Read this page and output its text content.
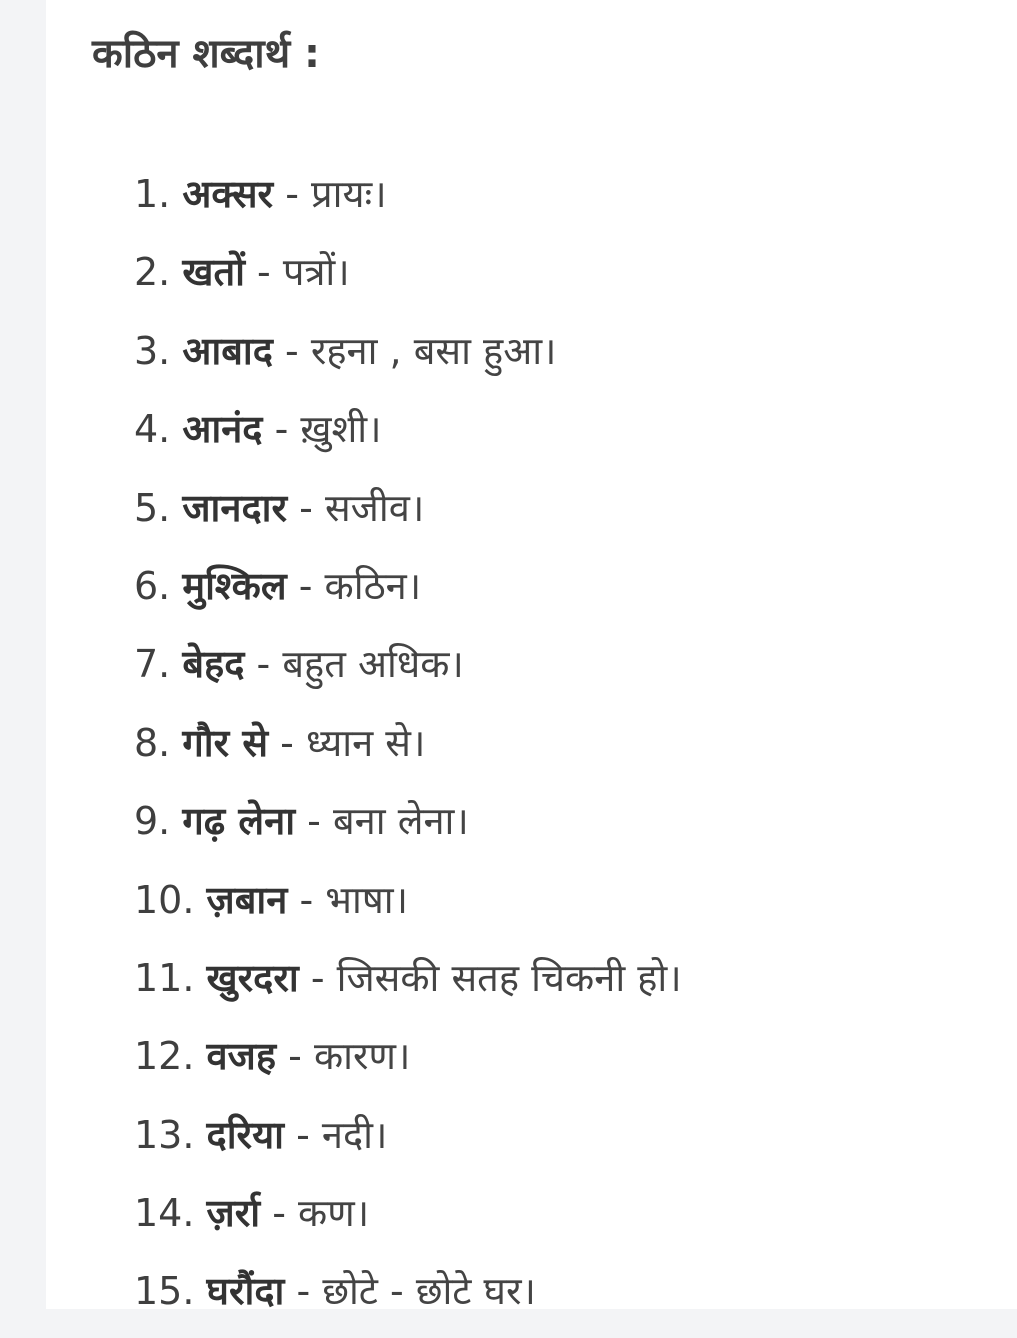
कठिन शब्दार्थ :
1. अक्सर - प्रायः।
2. खतों - पत्रों।
3. आबाद - रहना , बसा हुआ।
4. आनंद - ख़ुशी।
5. जानदार - सजीव।
6. मुश्किल - कठिन।
7. बेहद - बहुत अधिक।
8. गौर से - ध्यान से।
9. गढ़ लेना - बना लेना।
10. ज़बान - भाषा।
11. खुरदरा - जिसकी सतह चिकनी हो।
12. वजह - कारण।
13. दरिया - नदी।
14. ज़र्रा - कण।
15. घरौंदा - छोटे - छोटे घर।
